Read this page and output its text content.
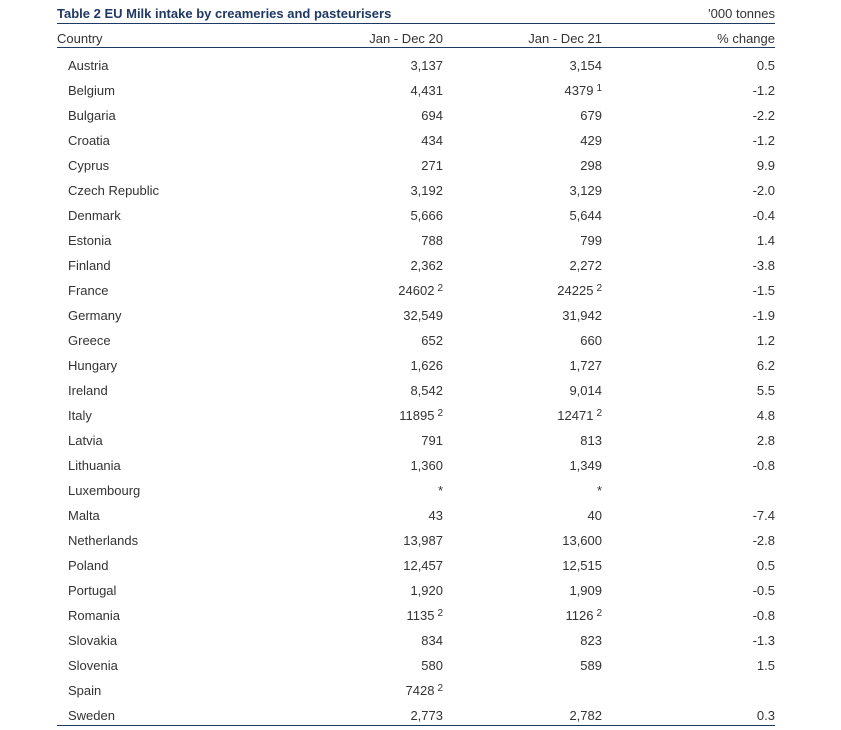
Table 2 EU Milk intake by creameries and pasteurisers	'000 tonnes
Country	Jan - Dec 20	Jan - Dec 21	% change
Austria	3,137	3,154	0.5
Belgium	4,431	4379 $^1$	-1.2
Bulgaria	694	679	-2.2
Croatia	434	429	-1.2
Cyprus	271	298	9.9
Czech Republic	3,192	3,129	-2.0
Denmark	5,666	5,644	-0.4
Estonia	788	799	1.4
Finland	2,362	2,272	-3.8
France	24602 $^2$	24225 $^2$	-1.5
Germany	32,549	31,942	-1.9
Greece	652	660	1.2
Hungary	1,626	1,727	6.2
Ireland	8,542	9,014	5.5
Italy	11895 $^2$	12471 $^2$	4.8
Latvia	791	813	2.8
Lithuania	1,360	1,349	-0.8
Luxembourg	*	*
Malta	43	40	-7.4
Netherlands	13,987	13,600	-2.8
Poland	12,457	12,515	0.5
Portugal	1,920	1,909	-0.5
Romania	1135 $^2$	1126 $^2$	-0.8
Slovakia	834	823	-1.3
Slovenia	580	589	1.5
Spain	7428 $^2$
Sweden	2,773	2,782	0.3
